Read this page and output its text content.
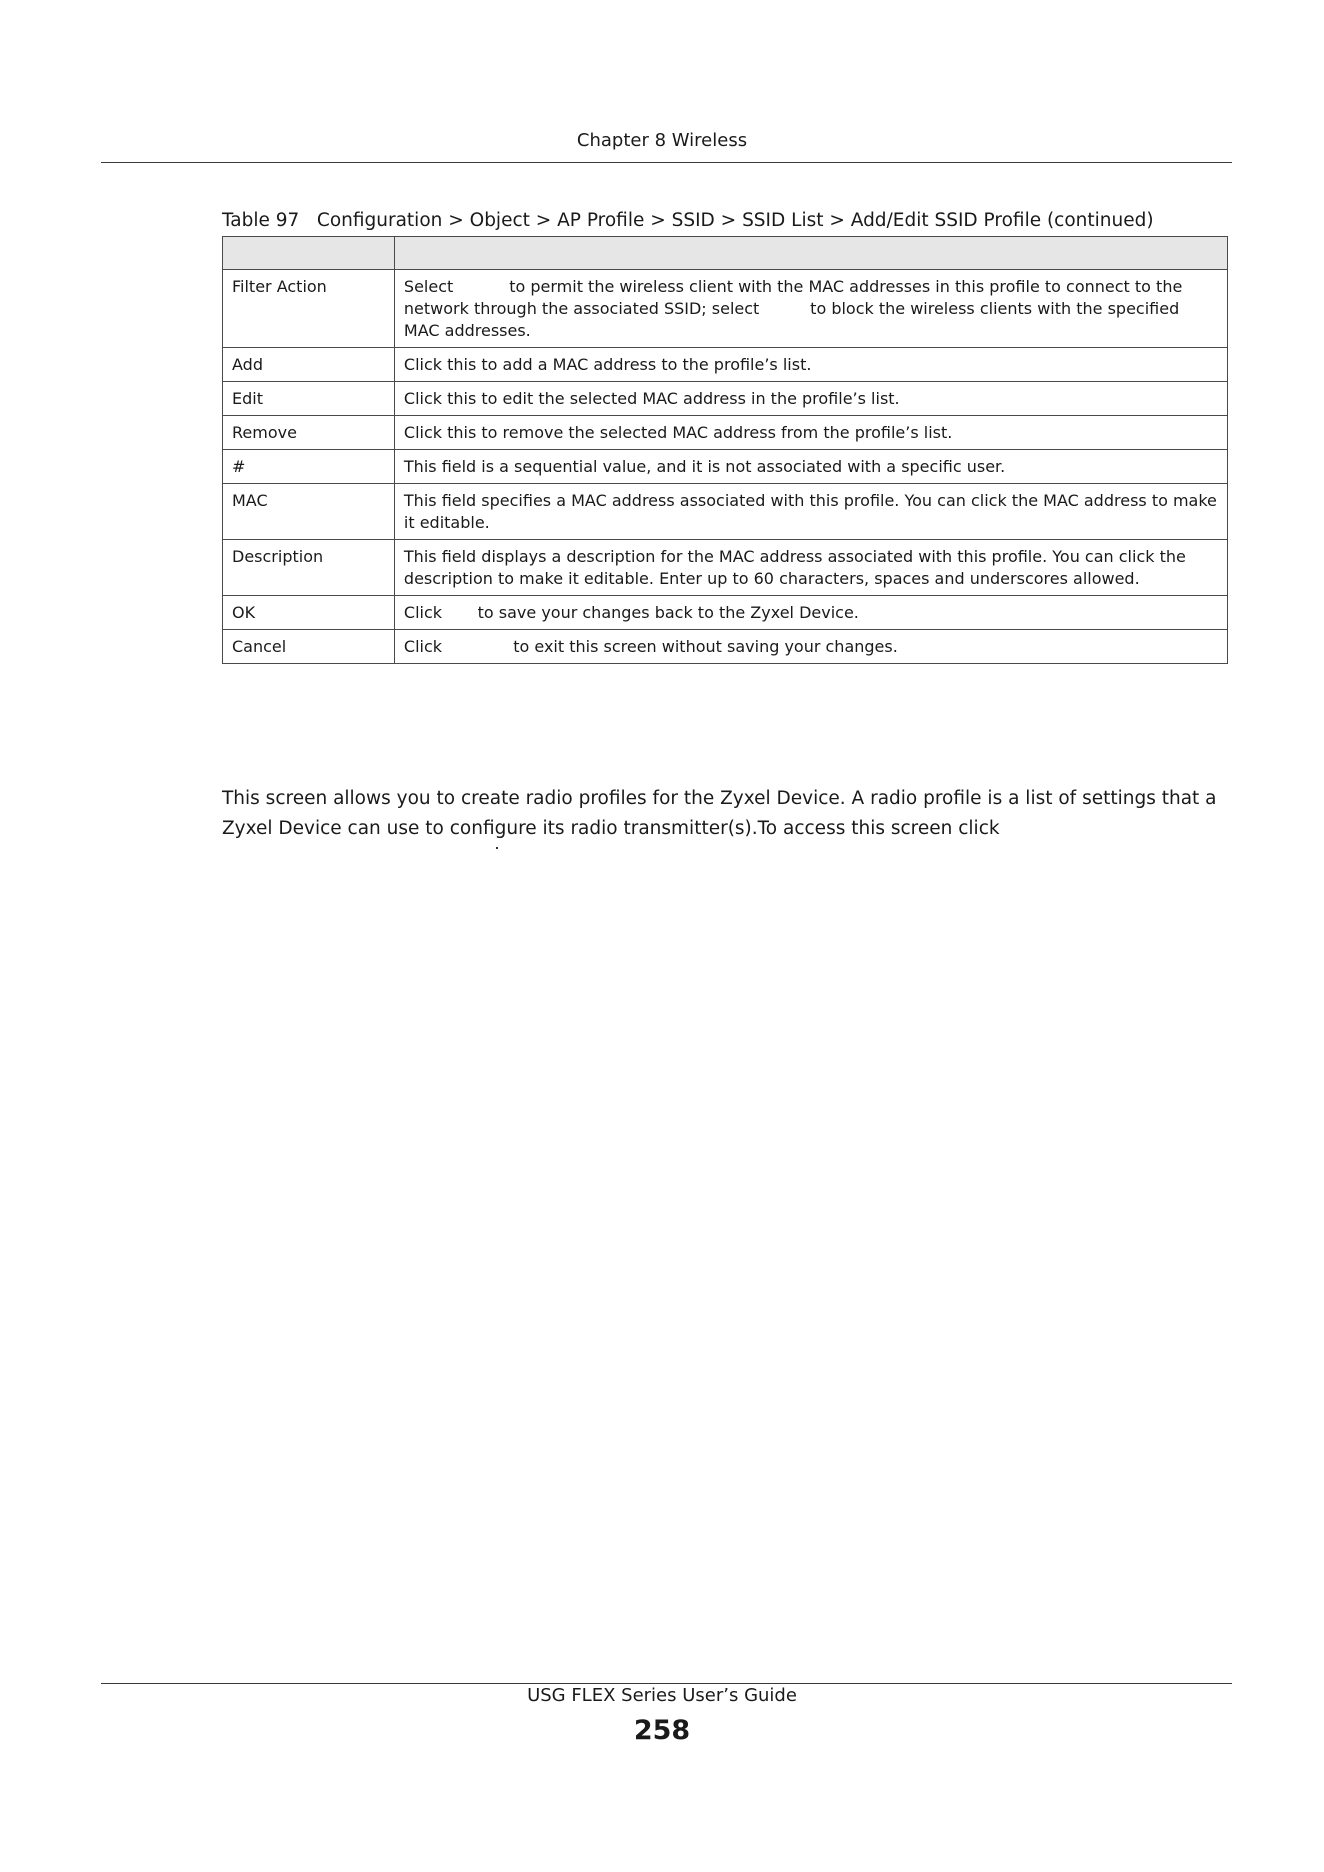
Chapter 8 Wireless
Table 97   Configuration > Object > AP Profile > SSID > SSID List > Add/Edit SSID Profile (continued)

Filter Action	Select           to permit the wireless client with the MAC addresses in this profile to connect to the network through the associated SSID; select          to block the wireless clients with the specified MAC addresses.
Add	Click this to add a MAC address to the profile’s list.
Edit	Click this to edit the selected MAC address in the profile’s list.
Remove	Click this to remove the selected MAC address from the profile’s list.
#	This field is a sequential value, and it is not associated with a specific user.
MAC	This field specifies a MAC address associated with this profile. You can click the MAC address to make it editable.
Description	This field displays a description for the MAC address associated with this profile. You can click the description to make it editable. Enter up to 60 characters, spaces and underscores allowed.
OK	Click       to save your changes back to the Zyxel Device.
Cancel	Click              to exit this screen without saving your changes.
This screen allows you to create radio profiles for the Zyxel Device. A radio profile is a list of settings that a Zyxel Device can use to configure its radio transmitter(s).To access this screen click
USG FLEX Series User’s Guide
258
